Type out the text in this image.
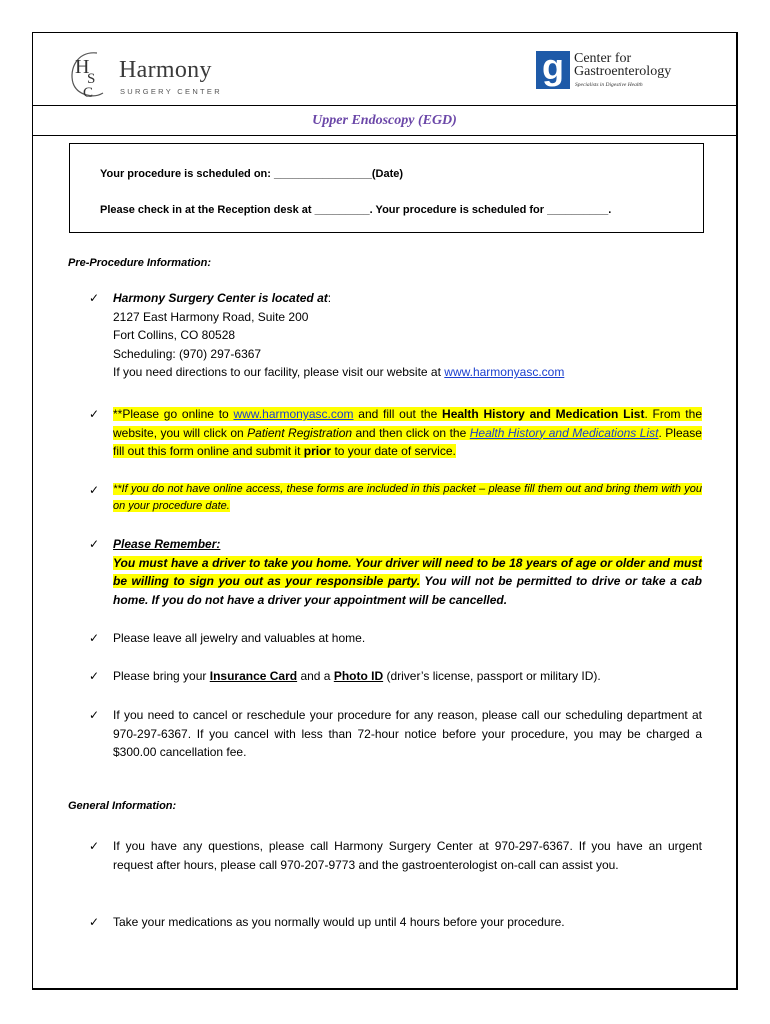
H
S
C
Harmony
SURGERY CENTER
g Center for
Gastroenterology
Specialists in Digestive Health
Upper Endoscopy (EGD)
Your procedure is scheduled on: ________________(Date)
Please check in at the Reception desk at _________. Your procedure is scheduled for __________.
Pre-Procedure Information:
✓ Harmony Surgery Center is located at:

2127 East Harmony Road, Suite 200

Fort Collins, CO 80528

Scheduling: (970) 297-6367

If you need directions to our facility, please visit our website at www.harmonyasc.com

✓ **Please go online to www.harmonyasc.com and fill out the Health History and Medication List. From the website, you will click on Patient Registration and then click on the Health History and Medications List. Please fill out this form online and submit it prior to your date of service.
✓ **If you do not have online access, these forms are included in this packet – please fill them out and bring them with you on your procedure date.
✓ Please Remember:

You must have a driver to take you home. Your driver will need to be 18 years of age or older and must be willing to sign you out as your responsible party. You will not be permitted to drive or take a cab home. If you do not have a driver your appointment will be cancelled.

✓ Please leave all jewelry and valuables at home.
✓ Please bring your Insurance Card and a Photo ID (driver’s license, passport or military ID).
✓ If you need to cancel or reschedule your procedure for any reason, please call our scheduling department at 970-297-6367. If you cancel with less than 72-hour notice before your procedure, you may be charged a $300.00 cancellation fee.
General Information:
✓ If you have any questions, please call Harmony Surgery Center at 970-297-6367. If you have an urgent request after hours, please call 970-207-9773 and the gastroenterologist on-call can assist you.
✓ Take your medications as you normally would up until 4 hours before your procedure.
